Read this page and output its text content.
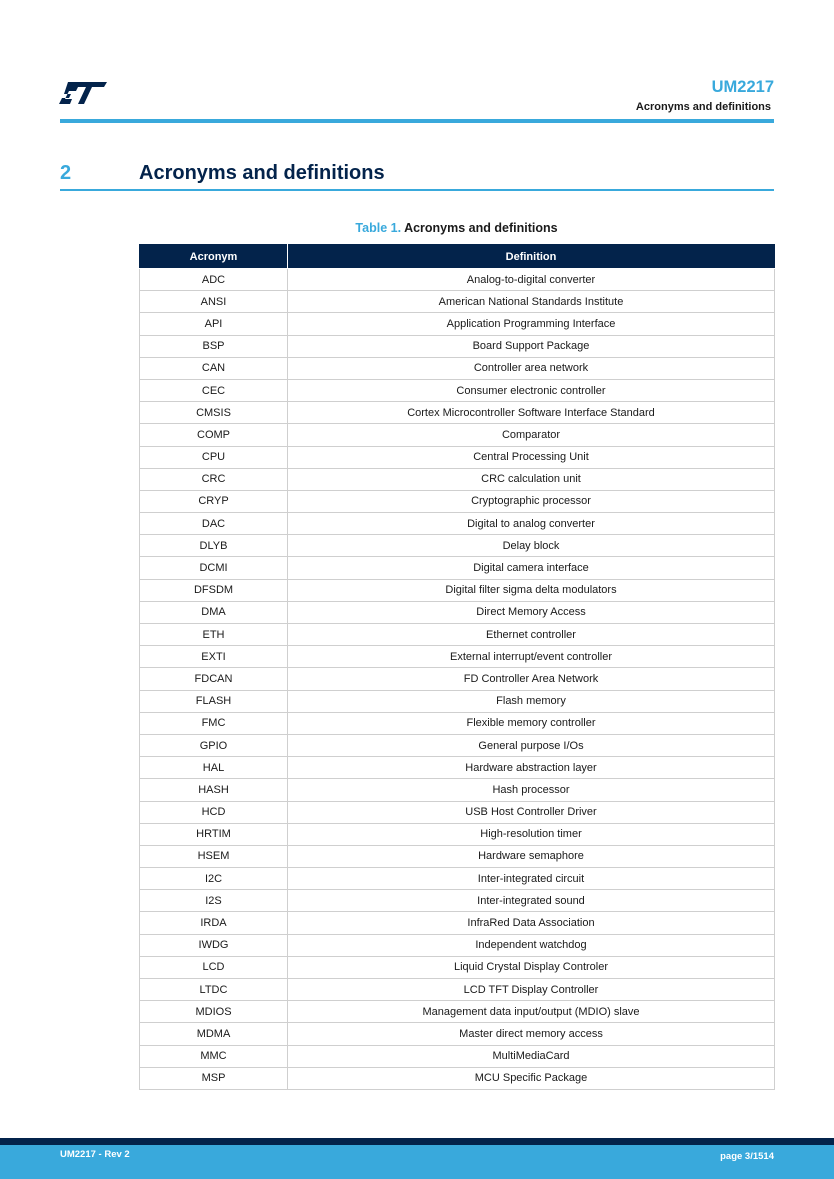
UM2217
Acronyms and definitions
2	Acronyms and definitions
Table 1. Acronyms and definitions
Acronym	Definition
ADC	Analog-to-digital converter
ANSI	American National Standards Institute
API	Application Programming Interface
BSP	Board Support Package
CAN	Controller area network
CEC	Consumer electronic controller
CMSIS	Cortex Microcontroller Software Interface Standard
COMP	Comparator
CPU	Central Processing Unit
CRC	CRC calculation unit
CRYP	Cryptographic processor
DAC	Digital to analog converter
DLYB	Delay block
DCMI	Digital camera interface
DFSDM	Digital filter sigma delta modulators
DMA	Direct Memory Access
ETH	Ethernet controller
EXTI	External interrupt/event controller
FDCAN	FD Controller Area Network
FLASH	Flash memory
FMC	Flexible memory controller
GPIO	General purpose I/Os
HAL	Hardware abstraction layer
HASH	Hash processor
HCD	USB Host Controller Driver
HRTIM	High-resolution timer
HSEM	Hardware semaphore
I2C	Inter-integrated circuit
I2S	Inter-integrated sound
IRDA	InfraRed Data Association
IWDG	Independent watchdog
LCD	Liquid Crystal Display Controler
LTDC	LCD TFT Display Controller
MDIOS	Management data input/output (MDIO) slave
MDMA	Master direct memory access
MMC	MultiMediaCard
MSP	MCU Specific Package
UM2217 - Rev 2	page 3/1514
